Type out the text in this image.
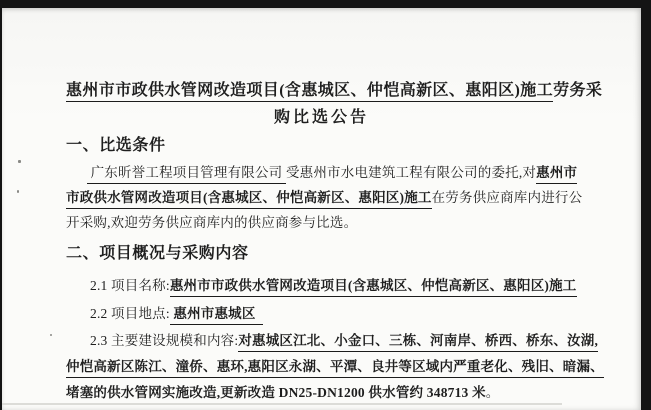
惠州市市政供水管网改造项目(含惠城区、仲恺高新区、惠阳区)施工劳务采
购比选公告
一、比选条件
广东昕誉工程项目管理有限公司 受惠州市水电建筑工程有限公司的委托,对惠州市
市政供水管网改造项目(含惠城区、仲恺高新区、惠阳区)施工在劳务供应商库内进行公
开采购,欢迎劳务供应商库内的供应商参与比选。
二、项目概况与采购内容
2.1 项目名称:惠州市市政供水管网改造项目(含惠城区、仲恺高新区、惠阳区)施工
2.2 项目地点: 惠州市惠城区
2.3 主要建设规模和内容:对惠城区江北、小金口、三栋、河南岸、桥西、桥东、汝湖,
仲恺高新区陈江、潼侨、惠环,惠阳区永湖、平潭、良井等区域内严重老化、残旧、暗漏、
堵塞的供水管网实施改造,更新改造 DN25-DN1200 供水管约 348713 米。
